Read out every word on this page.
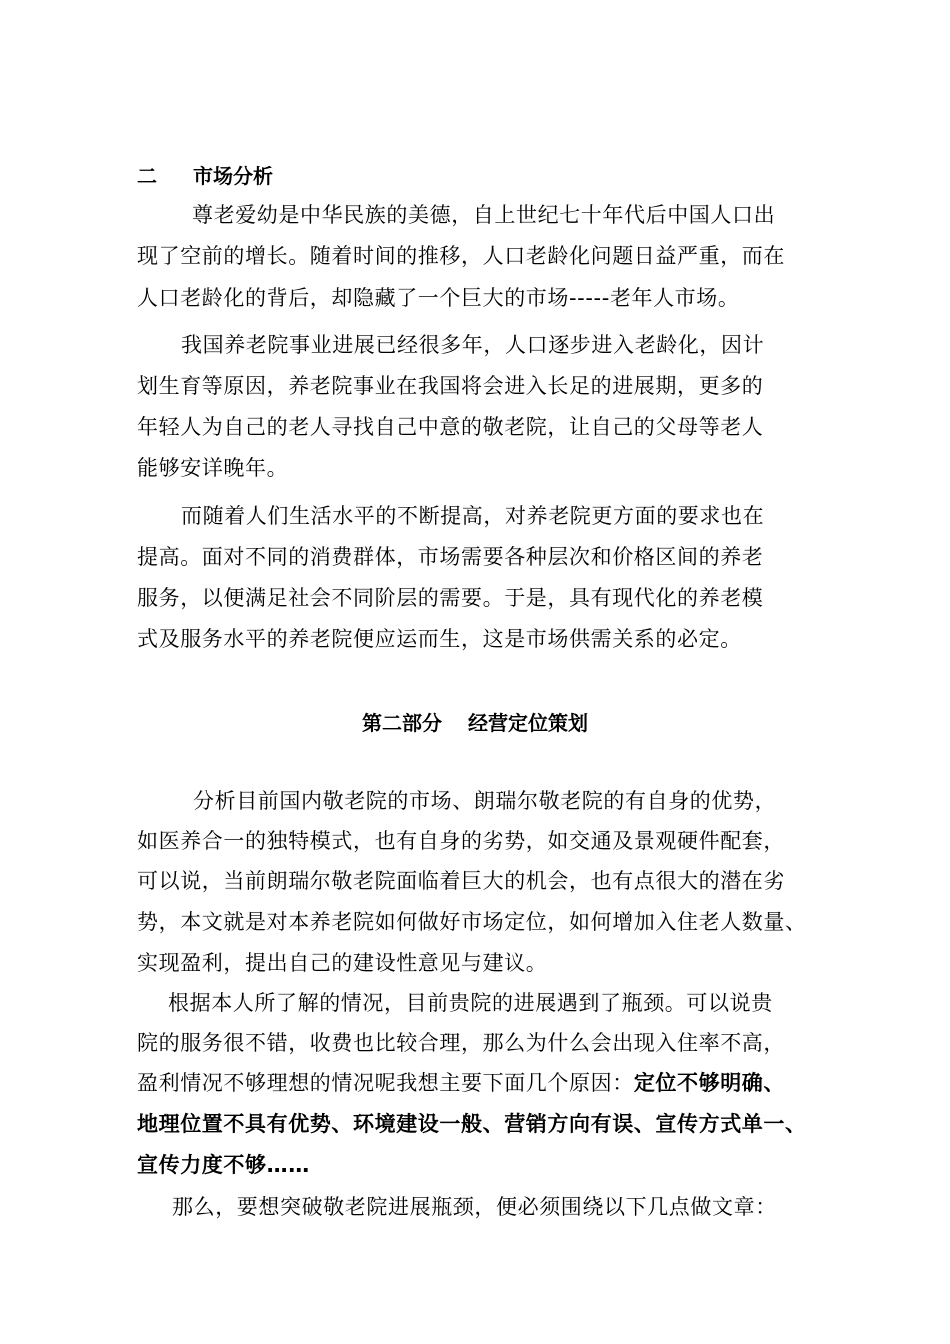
二 市场分析
尊老爱幼是中华民族的美德，自上世纪七十年代后中国人口出
现了空前的增长。随着时间的推移，人口老龄化问题日益严重，而在
人口老龄化的背后，却隐藏了一个巨大的市场-----老年人市场。
我国养老院事业进展已经很多年，人口逐步进入老龄化，因计
划生育等原因，养老院事业在我国将会进入长足的进展期，更多的
年轻人为自己的老人寻找自己中意的敬老院，让自己的父母等老人
能够安详晚年。
而随着人们生活水平的不断提高，对养老院更方面的要求也在
提高。面对不同的消费群体，市场需要各种层次和价格区间的养老
服务，以便满足社会不同阶层的需要。于是，具有现代化的养老模
式及服务水平的养老院便应运而生，这是市场供需关系的必定。
第二部分 经营定位策划
分析目前国内敬老院的市场、朗瑞尔敬老院的有自身的优势，
如医养合一的独特模式，也有自身的劣势，如交通及景观硬件配套，
可以说，当前朗瑞尔敬老院面临着巨大的机会，也有点很大的潜在劣
势，本文就是对本养老院如何做好市场定位，如何增加入住老人数量、
实现盈利，提出自己的建设性意见与建议。
根据本人所了解的情况，目前贵院的进展遇到了瓶颈。可以说贵
院的服务很不错，收费也比较合理，那么为什么会出现入住率不高，
盈利情况不够理想的情况呢我想主要下面几个原因：定位不够明确、
地理位置不具有优势、环境建设一般、营销方向有误、宣传方式单一、
宣传力度不够……
那么，要想突破敬老院进展瓶颈，便必须围绕以下几点做文章：
